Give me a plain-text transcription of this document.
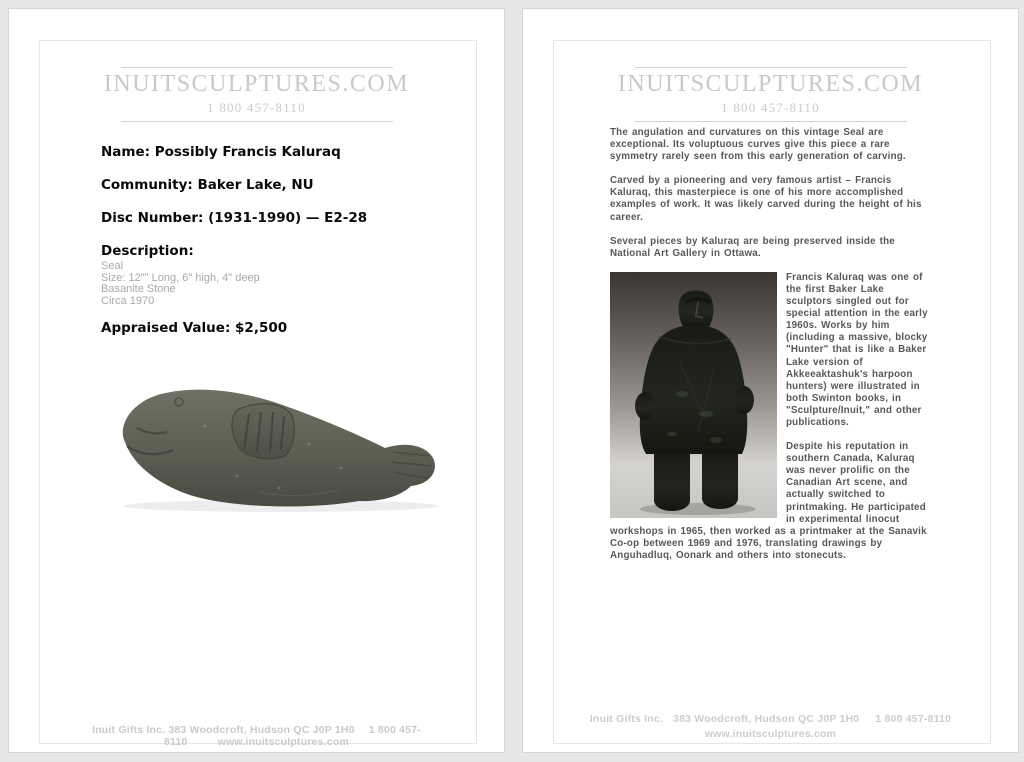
INUITSCULPTURES.COM
1 800 457-8110
Name: Possibly Francis Kaluraq
Community: Baker Lake, NU
Disc Number: (1931-1990) — E2-28
Description:
Seal
Size: 12"" Long, 6" high, 4" deep
Basanite Stone
Circa 1970
Appraised Value: $2,500
Inuit Gifts Inc. 383 Woodcroft, Hudson QC J0P 1H0 1 800 457-8110	www.inuitsculptures.com
INUITSCULPTURES.COM
1 800 457-8110

The angulation and curvatures on this vintage Seal are exceptional. Its voluptuous curves give this piece a rare symmetry rarely seen from this early generation of carving.

Carved by a pioneering and very famous artist – Francis Kaluraq, this masterpiece is one of his more accomplished examples of work. It was likely carved during the height of his career.

Several pieces by Kaluraq are being preserved inside the National Art Gallery in Ottawa.

Francis Kaluraq was one of the first Baker Lake sculptors singled out for special attention in the early 1960s. Works by him (including a massive, blocky "Hunter" that is like a Baker Lake version of Akkeeaktashuk's harpoon hunters) were illustrated in both Swinton books, in "Sculpture/Inuit," and other publications.

Despite his reputation in southern Canada, Kaluraq was never prolific on the Canadian Art scene, and actually switched to printmaking. He participated in experimental linocut workshops in 1965, then worked as a printmaker at the Sanavik Co-op between 1969 and 1976, translating drawings by Anguhadluq, Oonark and others into stonecuts.

Inuit Gifts Inc. 383 Woodcroft, Hudson QC J0P 1H0 1 800 457-8110
www.inuitsculptures.com
